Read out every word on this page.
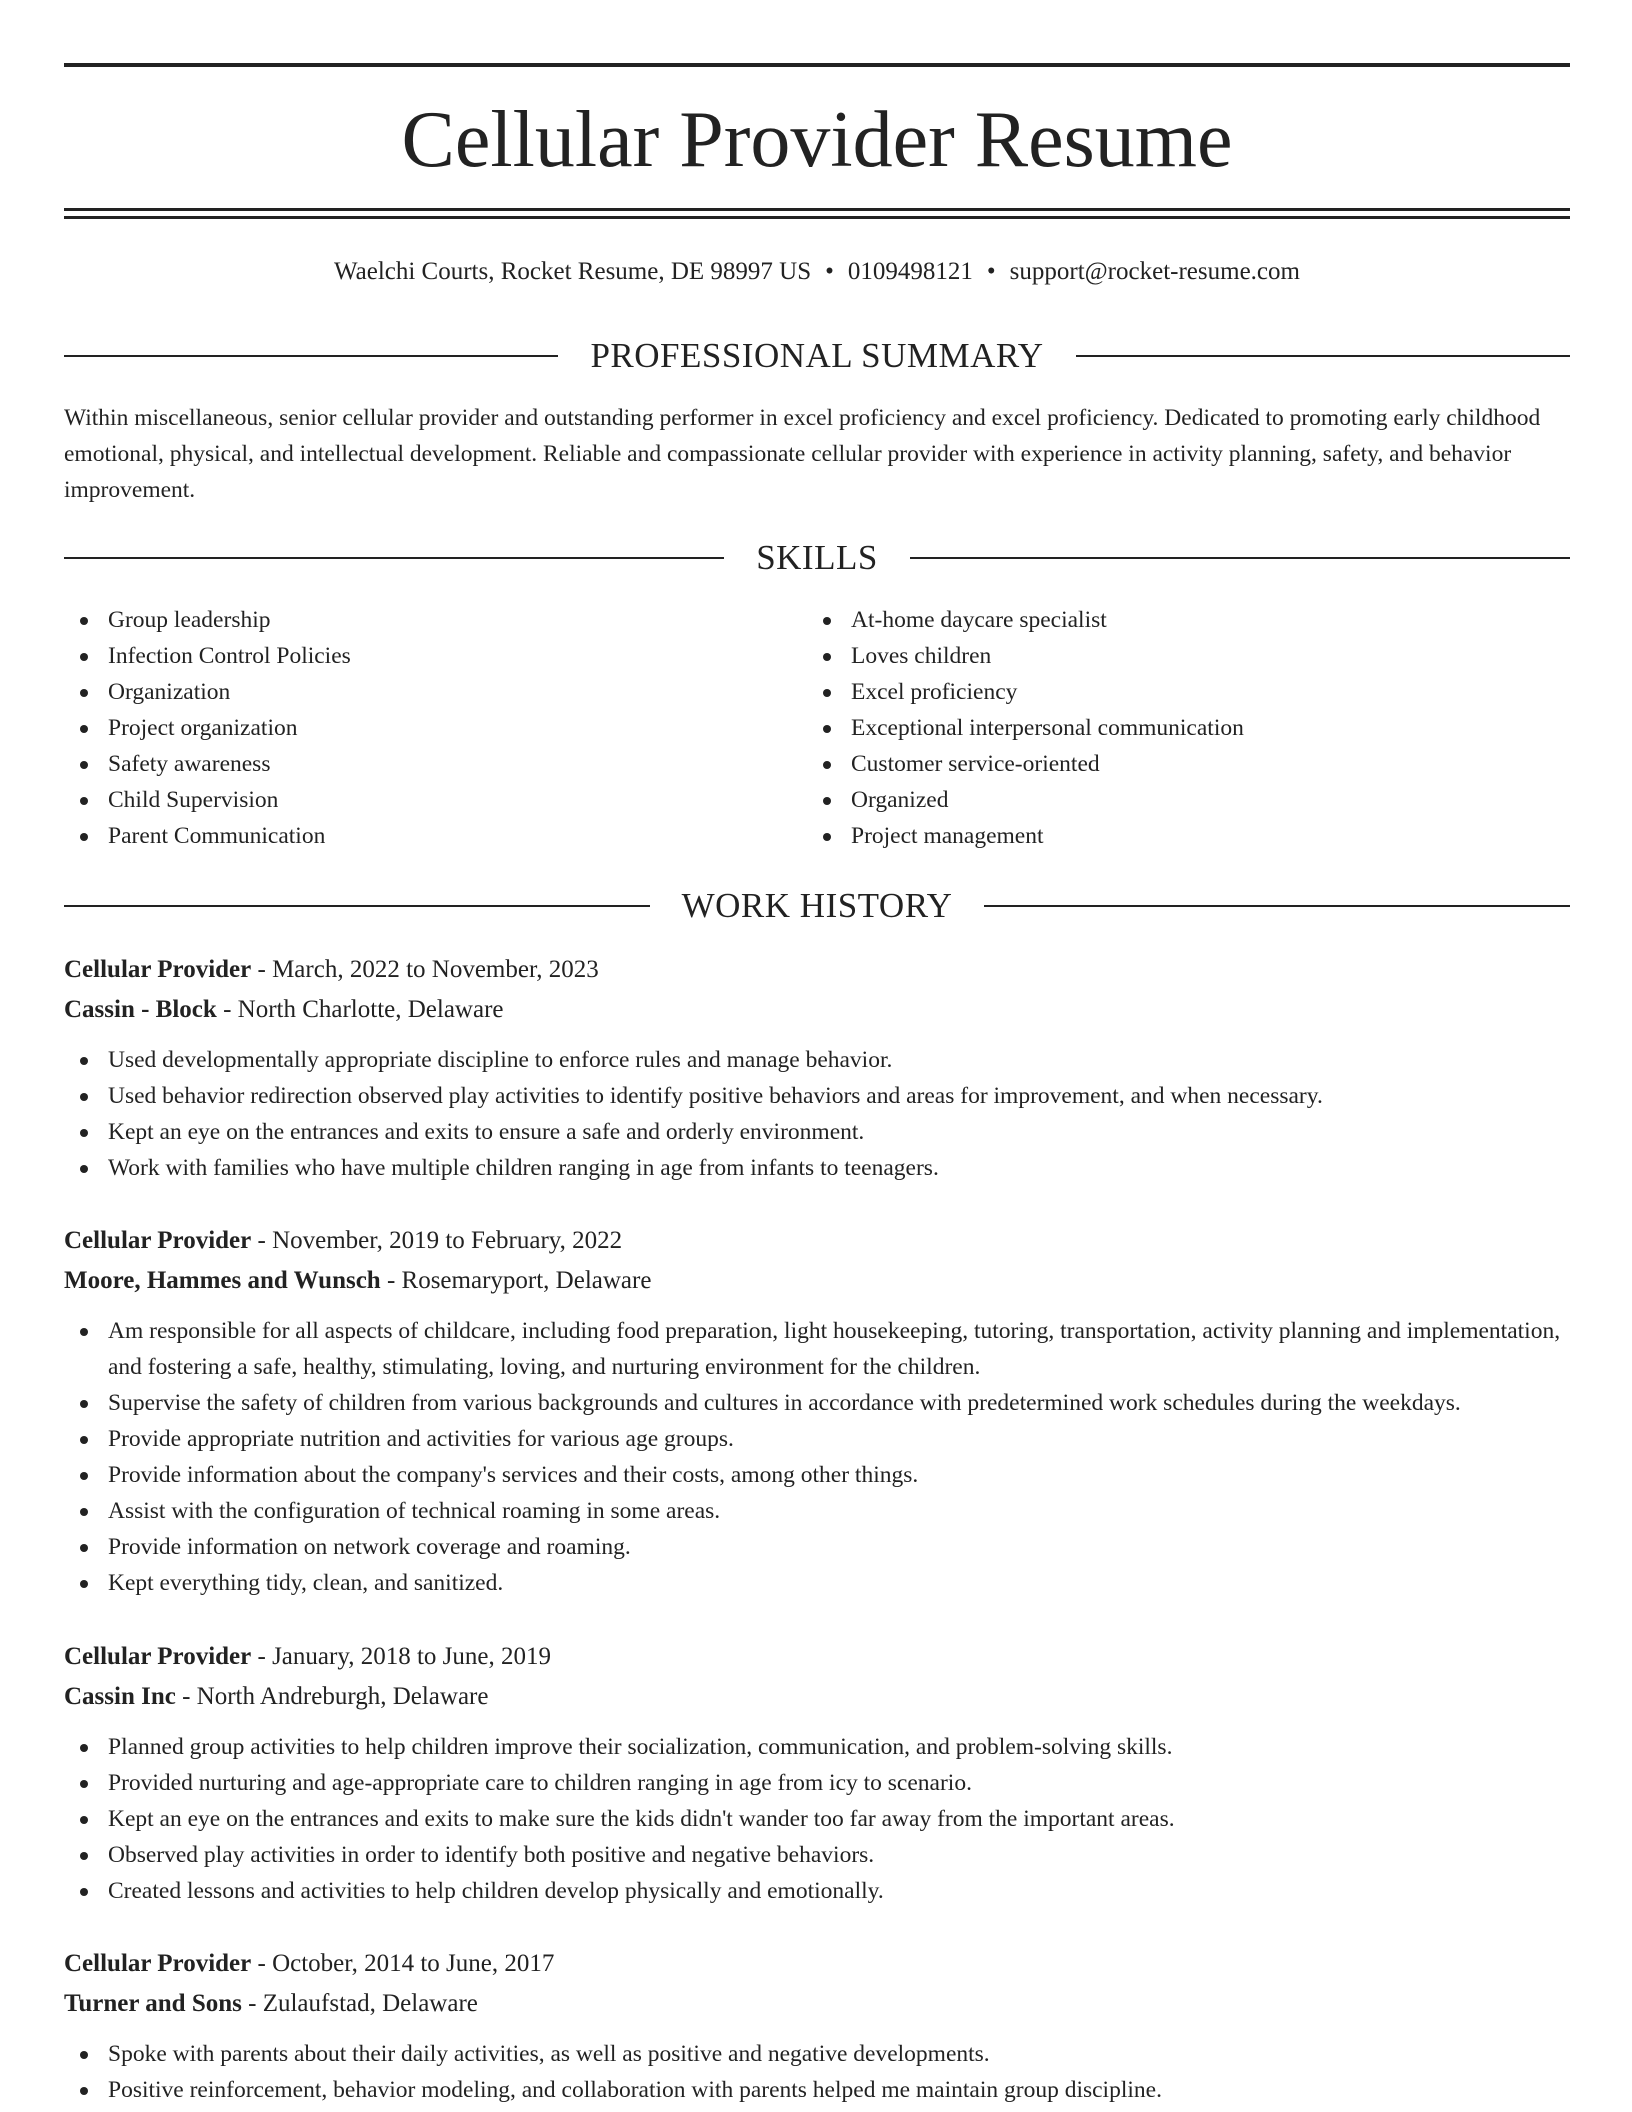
Cellular Provider Resume
Waelchi Courts, Rocket Resume, DE 98997 US • 0109498121 • support@rocket-resume.com
PROFESSIONAL SUMMARY

Within miscellaneous, senior cellular provider and outstanding performer in excel proficiency and excel proficiency. Dedicated to promoting early childhood emotional, physical, and intellectual development. Reliable and compassionate cellular provider with experience in activity planning, safety, and behavior improvement.

SKILLS
Group leadership
Infection Control Policies
Organization
Project organization
Safety awareness
Child Supervision
Parent Communication
At-home daycare specialist
Loves children
Excel proficiency
Exceptional interpersonal communication
Customer service-oriented
Organized
Project management
WORK HISTORY
Cellular Provider - March, 2022 to November, 2023
Cassin - Block - North Charlotte, Delaware
Used developmentally appropriate discipline to enforce rules and manage behavior.
Used behavior redirection observed play activities to identify positive behaviors and areas for improvement, and when necessary.
Kept an eye on the entrances and exits to ensure a safe and orderly environment.
Work with families who have multiple children ranging in age from infants to teenagers.
Cellular Provider - November, 2019 to February, 2022
Moore, Hammes and Wunsch - Rosemaryport, Delaware
Am responsible for all aspects of childcare, including food preparation, light housekeeping, tutoring, transportation, activity planning and implementation, and fostering a safe, healthy, stimulating, loving, and nurturing environment for the children.
Supervise the safety of children from various backgrounds and cultures in accordance with predetermined work schedules during the weekdays.
Provide appropriate nutrition and activities for various age groups.
Provide information about the company's services and their costs, among other things.
Assist with the configuration of technical roaming in some areas.
Provide information on network coverage and roaming.
Kept everything tidy, clean, and sanitized.
Cellular Provider - January, 2018 to June, 2019
Cassin Inc - North Andreburgh, Delaware
Planned group activities to help children improve their socialization, communication, and problem-solving skills.
Provided nurturing and age-appropriate care to children ranging in age from icy to scenario.
Kept an eye on the entrances and exits to make sure the kids didn't wander too far away from the important areas.
Observed play activities in order to identify both positive and negative behaviors.
Created lessons and activities to help children develop physically and emotionally.
Cellular Provider - October, 2014 to June, 2017
Turner and Sons - Zulaufstad, Delaware
Spoke with parents about their daily activities, as well as positive and negative developments.
Positive reinforcement, behavior modeling, and collaboration with parents helped me maintain group discipline.
